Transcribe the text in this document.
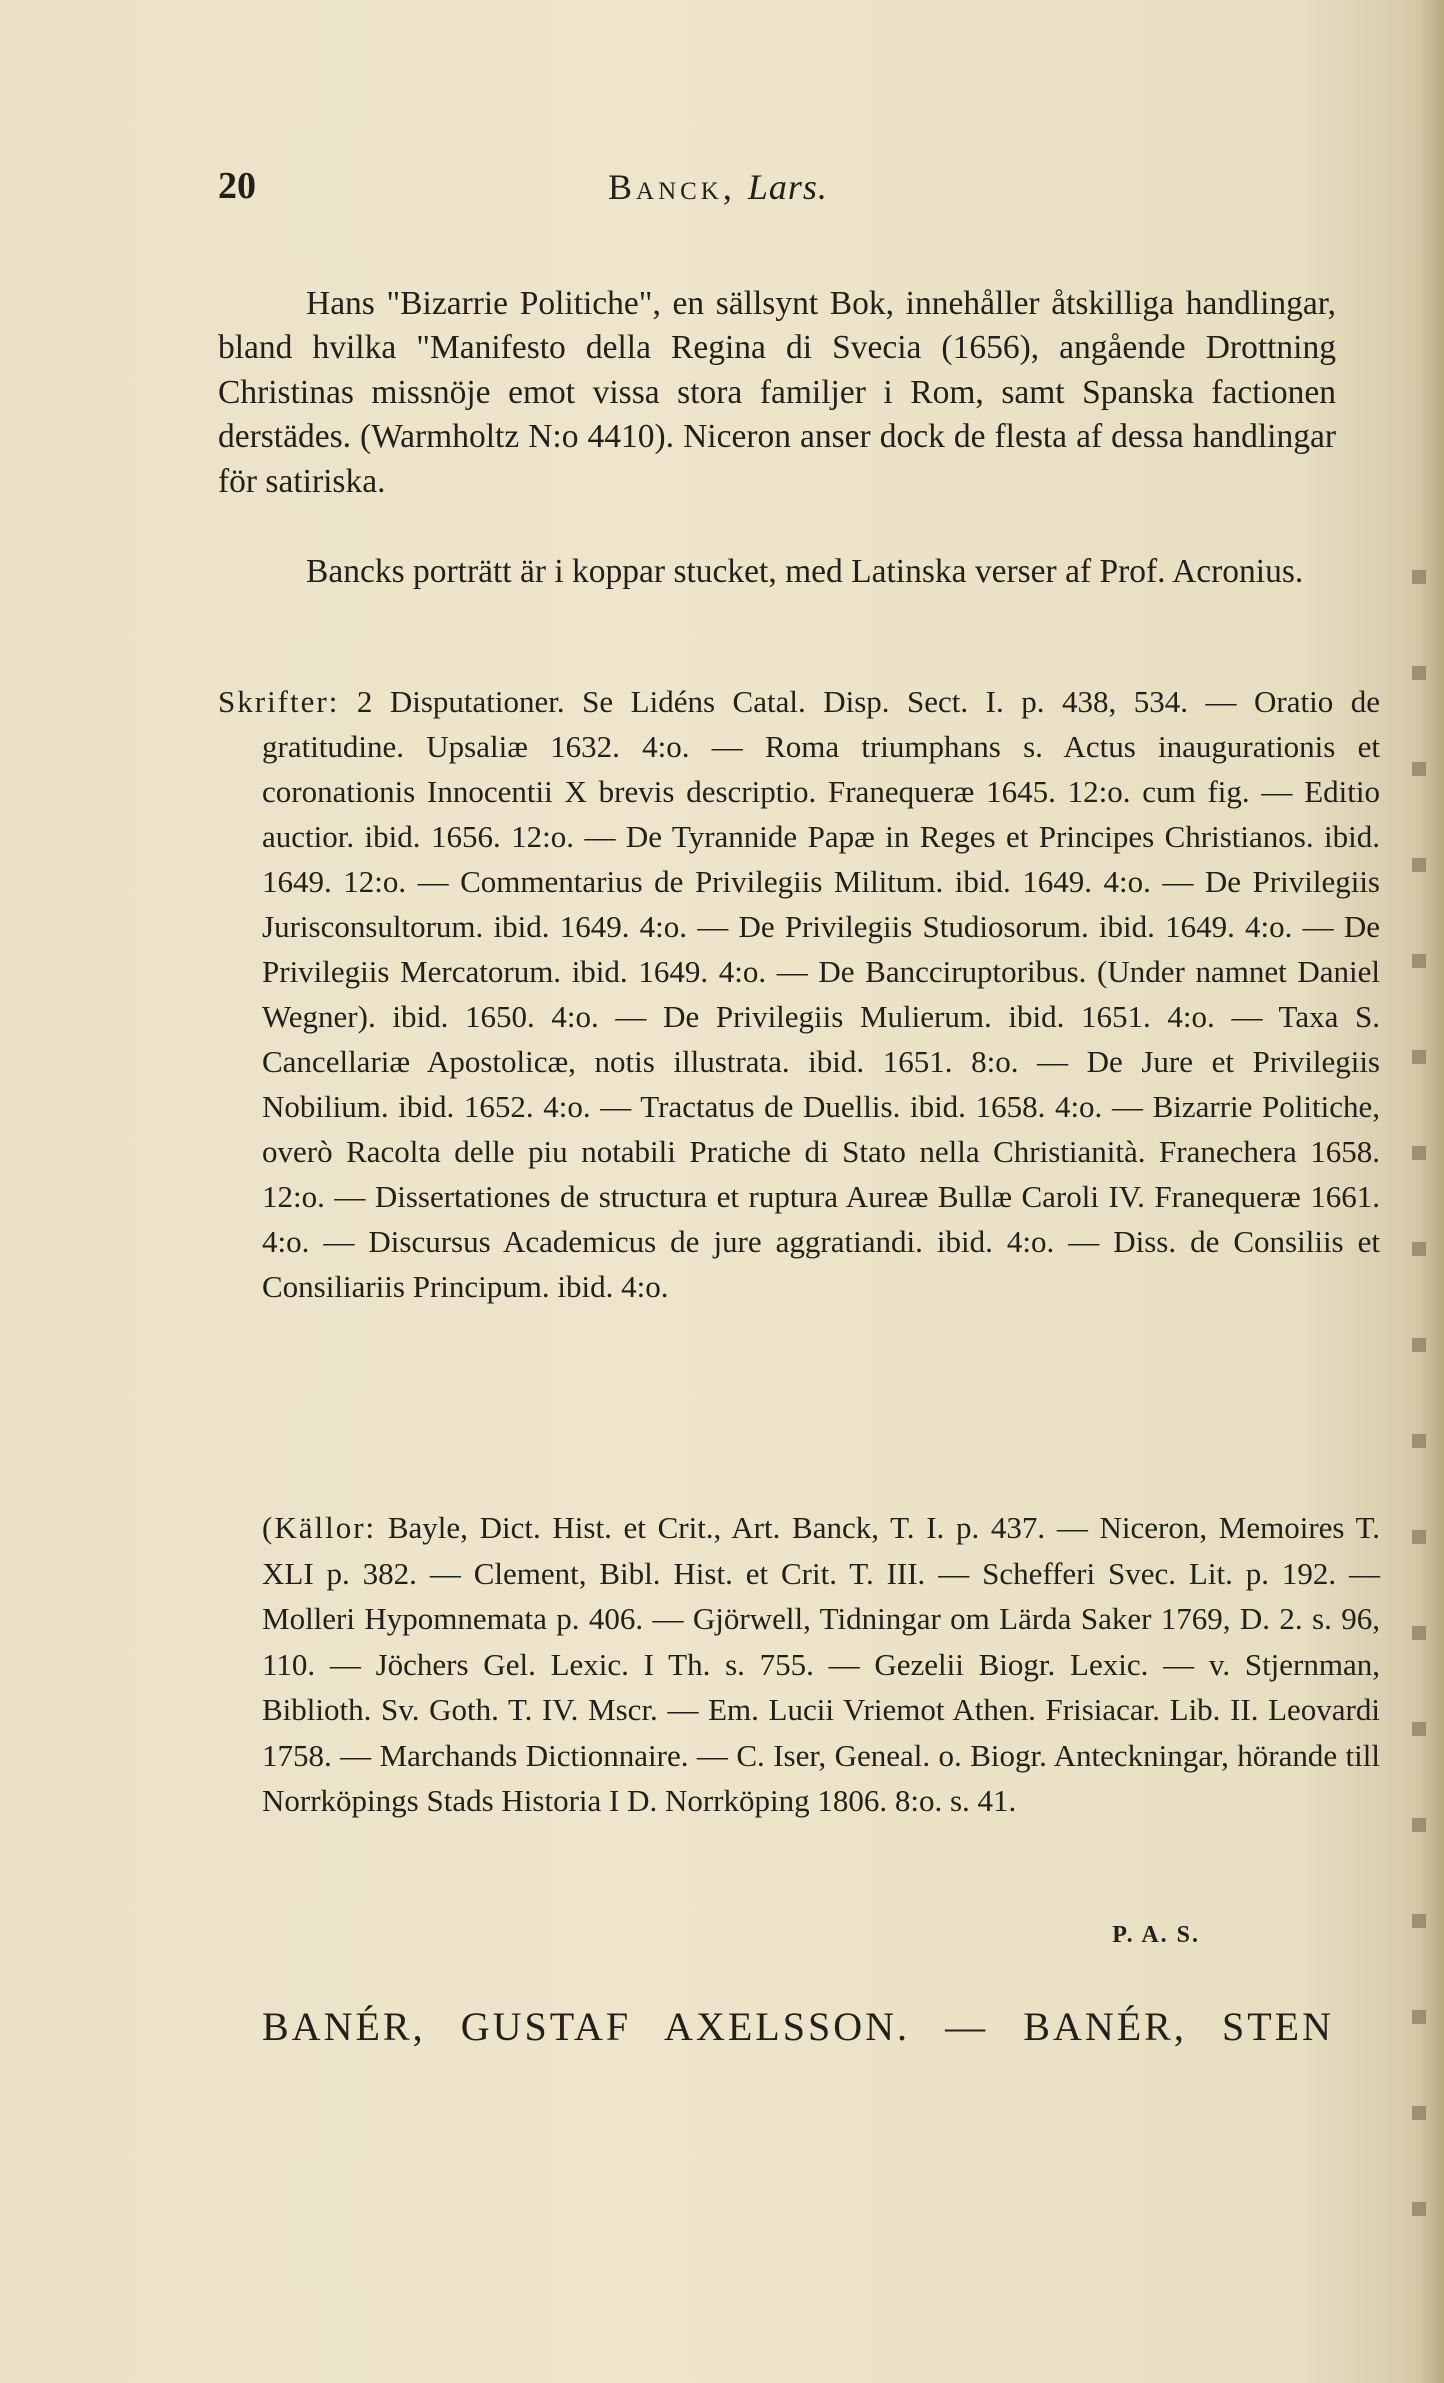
20	Banck, Lars.

Hans "Bizarrie Politiche", en sällsynt Bok, innehåller åtskilliga handlingar, bland hvilka "Manifesto della Regina di Svecia (1656), angående Drottning Christinas missnöje emot vissa stora familjer i Rom, samt Spanska factionen derstädes. (Warmholtz N:o 4410). Niceron anser dock de flesta af dessa handlingar för satiriska.

Bancks porträtt är i koppar stucket, med Latinska verser af Prof. Acronius.

Skrifter: 2 Disputationer. Se Lidéns Catal. Disp. Sect. I. p. 438, 534. — Oratio de gratitudine. Upsaliæ 1632. 4:o. — Roma triumphans s. Actus inaugurationis et coronationis Innocentii X brevis descriptio. Franequeræ 1645. 12:o. cum fig. — Editio auctior. ibid. 1656. 12:o. — De Tyrannide Papæ in Reges et Principes Christianos. ibid. 1649. 12:o. — Commentarius de Privilegiis Militum. ibid. 1649. 4:o. — De Privilegiis Jurisconsultorum. ibid. 1649. 4:o. — De Privilegiis Studiosorum. ibid. 1649. 4:o. — De Privilegiis Mercatorum. ibid. 1649. 4:o. — De Bancciruptoribus. (Under namnet Daniel Wegner). ibid. 1650. 4:o. — De Privilegiis Mulierum. ibid. 1651. 4:o. — Taxa S. Cancellariæ Apostolicæ, notis illustrata. ibid. 1651. 8:o. — De Jure et Privilegiis Nobilium. ibid. 1652. 4:o. — Tractatus de Duellis. ibid. 1658. 4:o. — Bizarrie Politiche, overò Racolta delle piu notabili Pratiche di Stato nella Christianità. Franechera 1658. 12:o. — Dissertationes de structura et ruptura Aureæ Bullæ Caroli IV. Franequeræ 1661. 4:o. — Discursus Academicus de jure aggratiandi. ibid. 4:o. — Diss. de Consiliis et Consiliariis Principum. ibid. 4:o.

(Källor: Bayle, Dict. Hist. et Crit., Art. Banck, T. I. p. 437. — Niceron, Memoires T. XLI p. 382. — Clement, Bibl. Hist. et Crit. T. III. — Schefferi Svec. Lit. p. 192. — Molleri Hypomnemata p. 406. — Gjörwell, Tidningar om Lärda Saker 1769, D. 2. s. 96, 110. — Jöchers Gel. Lexic. I Th. s. 755. — Gezelii Biogr. Lexic. — v. Stjernman, Biblioth. Sv. Goth. T. IV. Mscr. — Em. Lucii Vriemot Athen. Frisiacar. Lib. II. Leovardi 1758. — Marchands Dictionnaire. — C. Iser, Geneal. o. Biogr. Anteckningar, hörande till Norrköpings Stads Historia I D. Norrköping 1806. 8:o. s. 41.

P. A. S.
BANÉR, GUSTAF AXELSSON. — BANÉR, STEN
